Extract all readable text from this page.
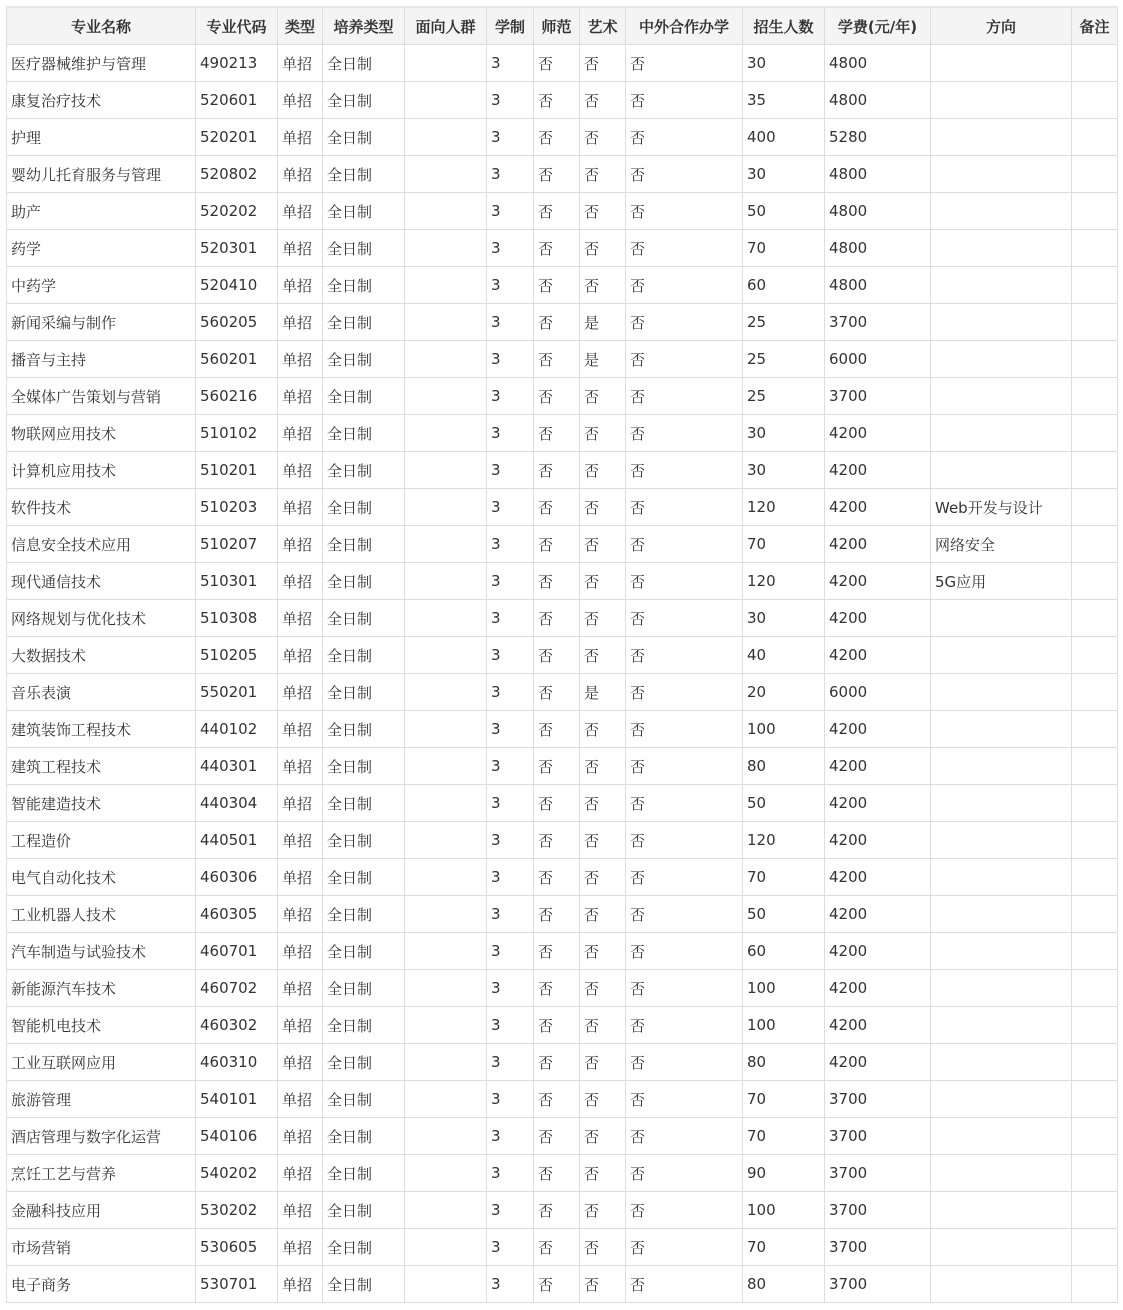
专业名称	专业代码	类型	培养类型	面向人群	学制	师范	艺术	中外合作办学	招生人数	学费(元/年)	方向	备注
医疗器械维护与管理	490213	单招	全日制		3	否	否	否	30	4800		
康复治疗技术	520601	单招	全日制		3	否	否	否	35	4800		
护理	520201	单招	全日制		3	否	否	否	400	5280		
婴幼儿托育服务与管理	520802	单招	全日制		3	否	否	否	30	4800		
助产	520202	单招	全日制		3	否	否	否	50	4800		
药学	520301	单招	全日制		3	否	否	否	70	4800		
中药学	520410	单招	全日制		3	否	否	否	60	4800		
新闻采编与制作	560205	单招	全日制		3	否	是	否	25	3700		
播音与主持	560201	单招	全日制		3	否	是	否	25	6000		
全媒体广告策划与营销	560216	单招	全日制		3	否	否	否	25	3700		
物联网应用技术	510102	单招	全日制		3	否	否	否	30	4200		
计算机应用技术	510201	单招	全日制		3	否	否	否	30	4200		
软件技术	510203	单招	全日制		3	否	否	否	120	4200	Web开发与设计	
信息安全技术应用	510207	单招	全日制		3	否	否	否	70	4200	网络安全	
现代通信技术	510301	单招	全日制		3	否	否	否	120	4200	5G应用	
网络规划与优化技术	510308	单招	全日制		3	否	否	否	30	4200		
大数据技术	510205	单招	全日制		3	否	否	否	40	4200		
音乐表演	550201	单招	全日制		3	否	是	否	20	6000		
建筑装饰工程技术	440102	单招	全日制		3	否	否	否	100	4200		
建筑工程技术	440301	单招	全日制		3	否	否	否	80	4200		
智能建造技术	440304	单招	全日制		3	否	否	否	50	4200		
工程造价	440501	单招	全日制		3	否	否	否	120	4200		
电气自动化技术	460306	单招	全日制		3	否	否	否	70	4200		
工业机器人技术	460305	单招	全日制		3	否	否	否	50	4200		
汽车制造与试验技术	460701	单招	全日制		3	否	否	否	60	4200		
新能源汽车技术	460702	单招	全日制		3	否	否	否	100	4200		
智能机电技术	460302	单招	全日制		3	否	否	否	100	4200		
工业互联网应用	460310	单招	全日制		3	否	否	否	80	4200		
旅游管理	540101	单招	全日制		3	否	否	否	70	3700		
酒店管理与数字化运营	540106	单招	全日制		3	否	否	否	70	3700		
烹饪工艺与营养	540202	单招	全日制		3	否	否	否	90	3700		
金融科技应用	530202	单招	全日制		3	否	否	否	100	3700		
市场营销	530605	单招	全日制		3	否	否	否	70	3700		
电子商务	530701	单招	全日制		3	否	否	否	80	3700		
